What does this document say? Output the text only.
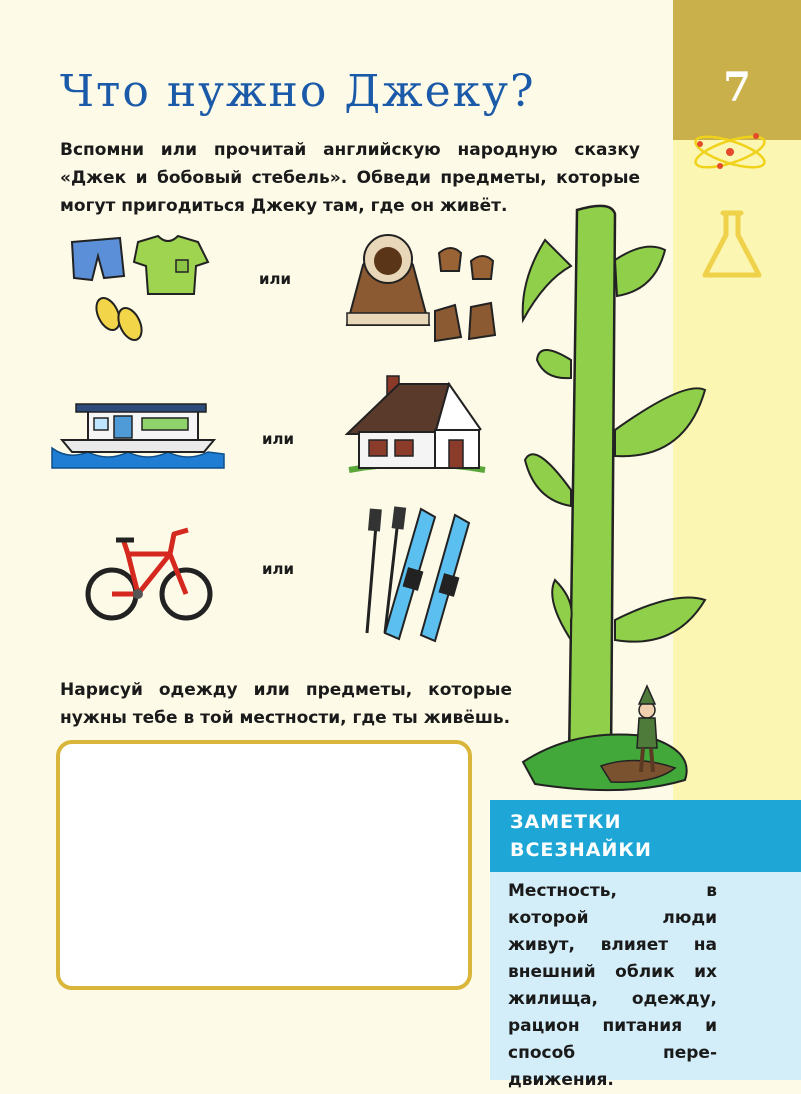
7
Что нужно Джеку?

Вспомни или прочитай английскую народную сказку «Джек и бобовый стебель». Обведи предметы, которые могут пригодиться Джеку там, где он живёт.

или
или
или

Нарисуй одежду или предметы, которые нужны тебе в той местности, где ты живёшь.

ЗАМЕТКИ
ВСЕЗНАЙКИ
Местность, в которой люди живут, влияет на внешний облик их жилища, одежду, рацион питания и способ передвижения.
